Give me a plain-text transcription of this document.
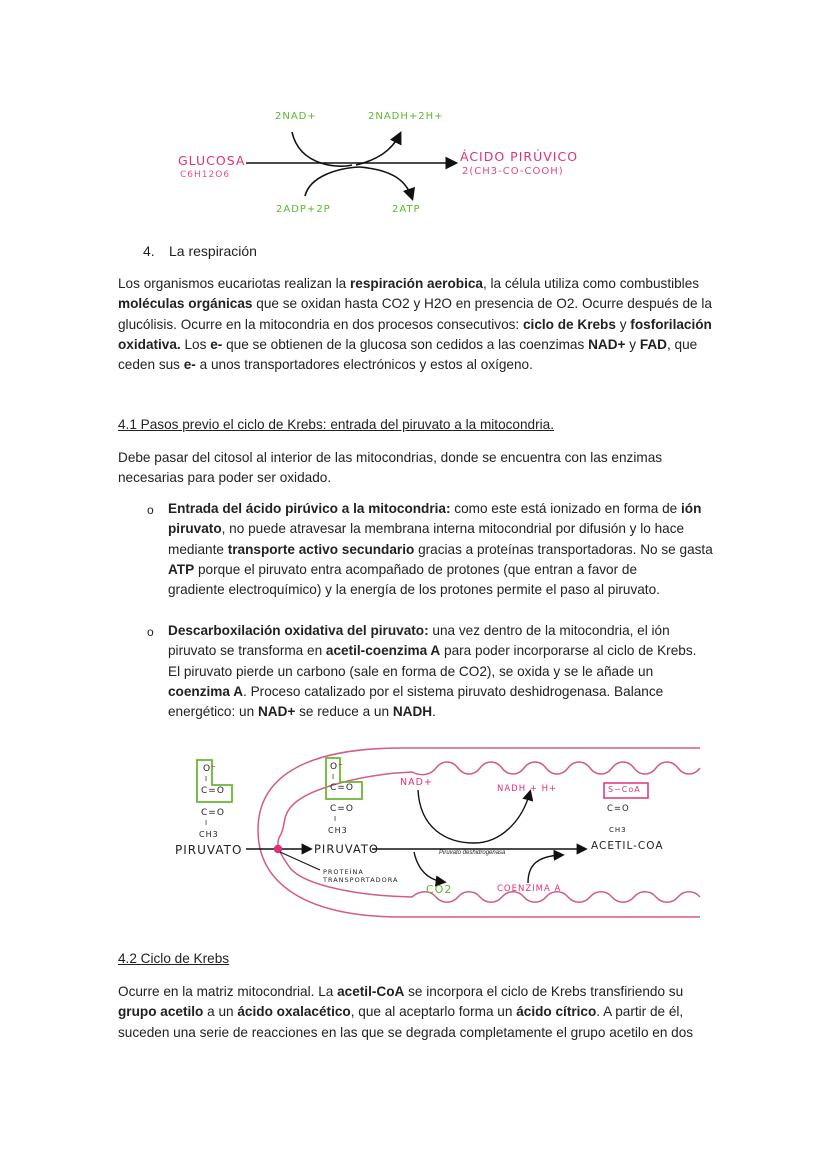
GLUCOSA
C6H12O6
ÁCIDO PIRÚVICO
2(CH3-CO-COOH)
2NAD+	2NADH+2H+
2ADP+2P	2ATP
4. La respiración
Los organismos eucariotas realizan la respiración aerobica, la célula utiliza como combustibles
moléculas orgánicas que se oxidan hasta CO2 y H2O en presencia de O2. Ocurre después de la
glucólisis. Ocurre en la mitocondria en dos procesos consecutivos: ciclo de Krebs y fosforilación
oxidativa. Los e- que se obtienen de la glucosa son cedidos a las coenzimas NAD+ y FAD, que
ceden sus e- a unos transportadores electrónicos y estos al oxígeno.
4.1 Pasos previo el ciclo de Krebs: entrada del piruvato a la mitocondria.
Debe pasar del citosol al interior de las mitocondrias, donde se encuentra con las enzimas
necesarias para poder ser oxidado.
o Entrada del ácido pirúvico a la mitocondria: como este está ionizado en forma de ión
piruvato, no puede atravesar la membrana interna mitocondrial por difusión y lo hace
mediante transporte activo secundario gracias a proteínas transportadoras. No se gasta
ATP porque el piruvato entra acompañado de protones (que entran a favor de
gradiente electroquímico) y la energía de los protones permite el paso al piruvato.
o Descarboxilación oxidativa del piruvato: una vez dentro de la mitocondria, el ión
piruvato se transforma en acetil-coenzima A para poder incorporarse al ciclo de Krebs.
El piruvato pierde un carbono (sale en forma de CO2), se oxida y se le añade un
coenzima A. Proceso catalizado por el sistema piruvato deshidrogenasa. Balance
energético: un NAD+ se reduce a un NADH.
O⁻
I
C=O
C=O
I
CH3
PIRUVATO
O⁻
I
C=O
C=O
I
CH3
PIRUVATO
PROTEÍNA
TRANSPORTADORA
NAD+
NADH + H+
Piruvato deshidrogenasa
CO2	COENZIMA A
S~CoA
C=O
CH3
ACETIL-COA
4.2 Ciclo de Krebs
Ocurre en la matriz mitocondrial. La acetil-CoA se incorpora el ciclo de Krebs transfiriendo su
grupo acetilo a un ácido oxalacético, que al aceptarlo forma un ácido cítrico. A partir de él,
suceden una serie de reacciones en las que se degrada completamente el grupo acetilo en dos
